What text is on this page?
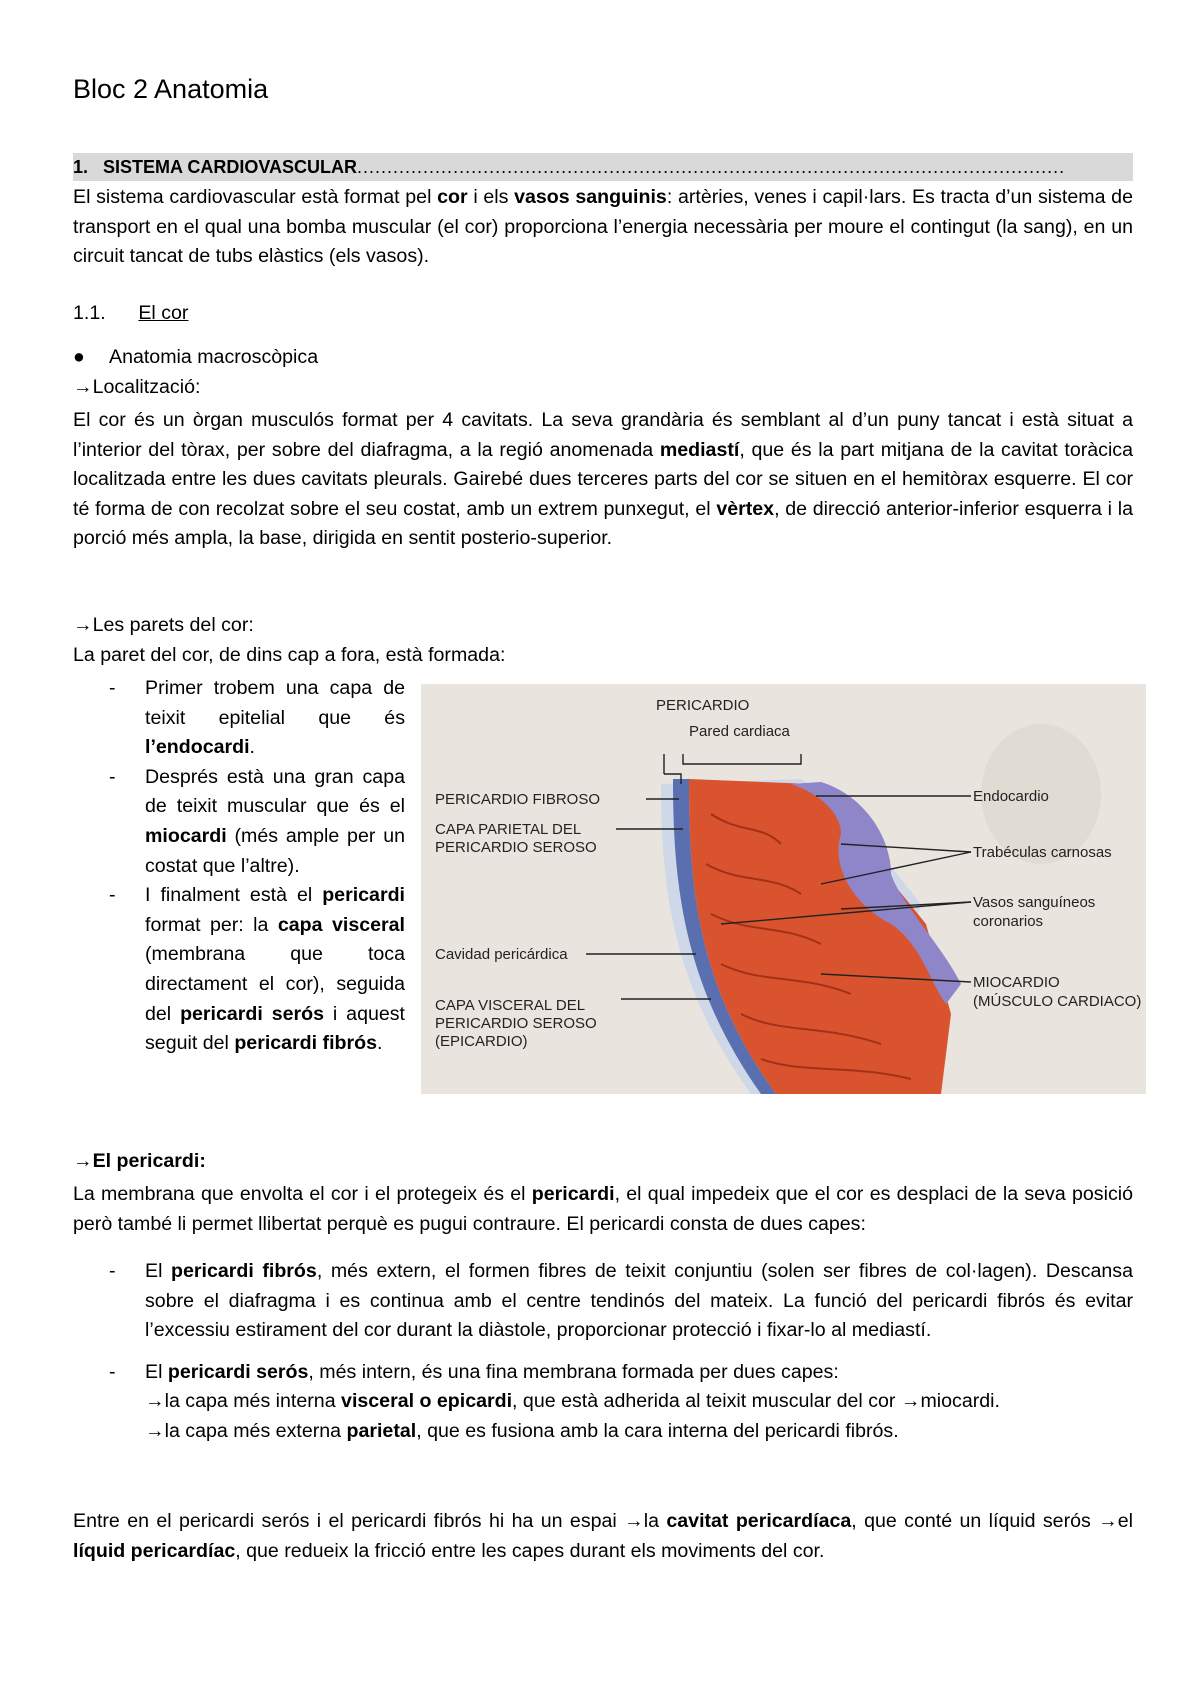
Bloc 2 Anatomia
1. SISTEMA CARDIOVASCULAR......................................................................................................................

El sistema cardiovascular està format pel cor i els vasos sanguinis: artèries, venes i capil·lars. Es tracta d’un sistema de transport en el qual una bomba muscular (el cor) proporciona l’energia necessària per moure el contingut (la sang), en un circuit tancat de tubs elàstics (els vasos).

1.1. El cor
● Anatomia macroscòpica
→Localització:

El cor és un òrgan musculós format per 4 cavitats. La seva grandària és semblant al d’un puny tancat i està situat a l’interior del tòrax, per sobre del diafragma, a la regió anomenada mediastí, que és la part mitjana de la cavitat toràcica localitzada entre les dues cavitats pleurals. Gairebé dues terceres parts del cor se situen en el hemitòrax esquerre. El cor té forma de con recolzat sobre el seu costat, amb un extrem punxegut, el vèrtex, de direcció anterior-inferior esquerra i la porció més ampla, la base, dirigida en sentit posterio-superior.

→Les parets del cor:
La paret del cor, de dins cap a fora, està formada:
- Primer trobem una capa de teixit epitelial que és l’endocardi.
- Després està una gran capa de teixit muscular que és el miocardi (més ample per un costat que l’altre).
- I finalment està el pericardi format per: la capa visceral (membrana que toca directament el cor), seguida del pericardi serós i aquest seguit del pericardi fibrós.
PERICARDIO
Pared cardiaca
PERICARDIO FIBROSO
CAPA PARIETAL DEL
PERICARDIO SEROSO
Cavidad pericárdica
CAPA VISCERAL DEL
PERICARDIO SEROSO
(EPICARDIO)
Endocardio
Trabéculas carnosas
Vasos sanguíneos
coronarios
MIOCARDIO
(MÚSCULO CARDIACO)
→El pericardi:

La membrana que envolta el cor i el protegeix és el pericardi, el qual impedeix que el cor es desplaci de la seva posició però també li permet llibertat perquè es pugui contraure. El pericardi consta de dues capes:

- El pericardi fibrós, més extern, el formen fibres de teixit conjuntiu (solen ser fibres de col·lagen). Descansa sobre el diafragma i es continua amb el centre tendinós del mateix. La funció del pericardi fibrós és evitar l’excessiu estirament del cor durant la diàstole, proporcionar protecció i fixar-lo al mediastí.
- El pericardi serós, més intern, és una fina membrana formada per dues capes:
→la capa més interna visceral o epicardi, que està adherida al teixit muscular del cor →miocardi.
→la capa més externa parietal, que es fusiona amb la cara interna del pericardi fibrós.

Entre en el pericardi serós i el pericardi fibrós hi ha un espai →la cavitat pericardíaca, que conté un líquid serós →el líquid pericardíac, que redueix la fricció entre les capes durant els moviments del cor.
